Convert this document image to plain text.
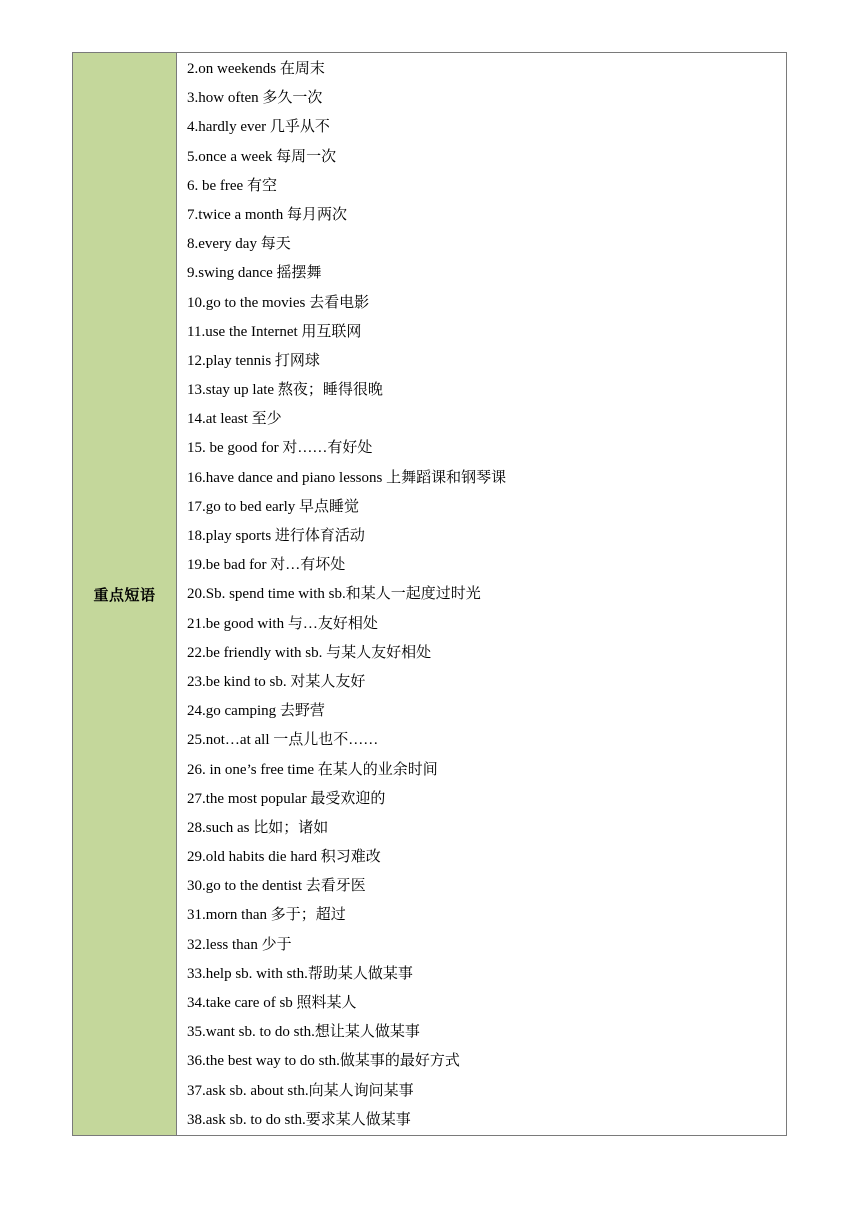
重点短语
2.on weekends 在周末
3.how often 多久一次
4.hardly ever 几乎从不
5.once a week 每周一次
6. be free 有空
7.twice a month 每月两次
8.every day 每天
9.swing dance 摇摆舞
10.go to the movies 去看电影
11.use the Internet 用互联网
12.play tennis 打网球
13.stay up late 熬夜；睡得很晚
14.at least 至少
15. be good for 对……有好处
16.have dance and piano lessons 上舞蹈课和钢琴课
17.go to bed early 早点睡觉
18.play sports 进行体育活动
19.be bad for 对…有坏处
20.Sb. spend time with sb.和某人一起度过时光
21.be good with 与…友好相处
22.be friendly with sb. 与某人友好相处
23.be kind to sb. 对某人友好
24.go camping 去野营
25.not…at all 一点儿也不……
26. in one’s free time 在某人的业余时间
27.the most popular 最受欢迎的
28.such as 比如；诸如
29.old habits die hard 积习难改
30.go to the dentist 去看牙医
31.morn than 多于；超过
32.less than 少于
33.help sb. with sth.帮助某人做某事
34.take care of sb 照料某人
35.want sb. to do sth.想让某人做某事
36.the best way to do sth.做某事的最好方式
37.ask sb. about sth.向某人询问某事
38.ask sb. to do sth.要求某人做某事
